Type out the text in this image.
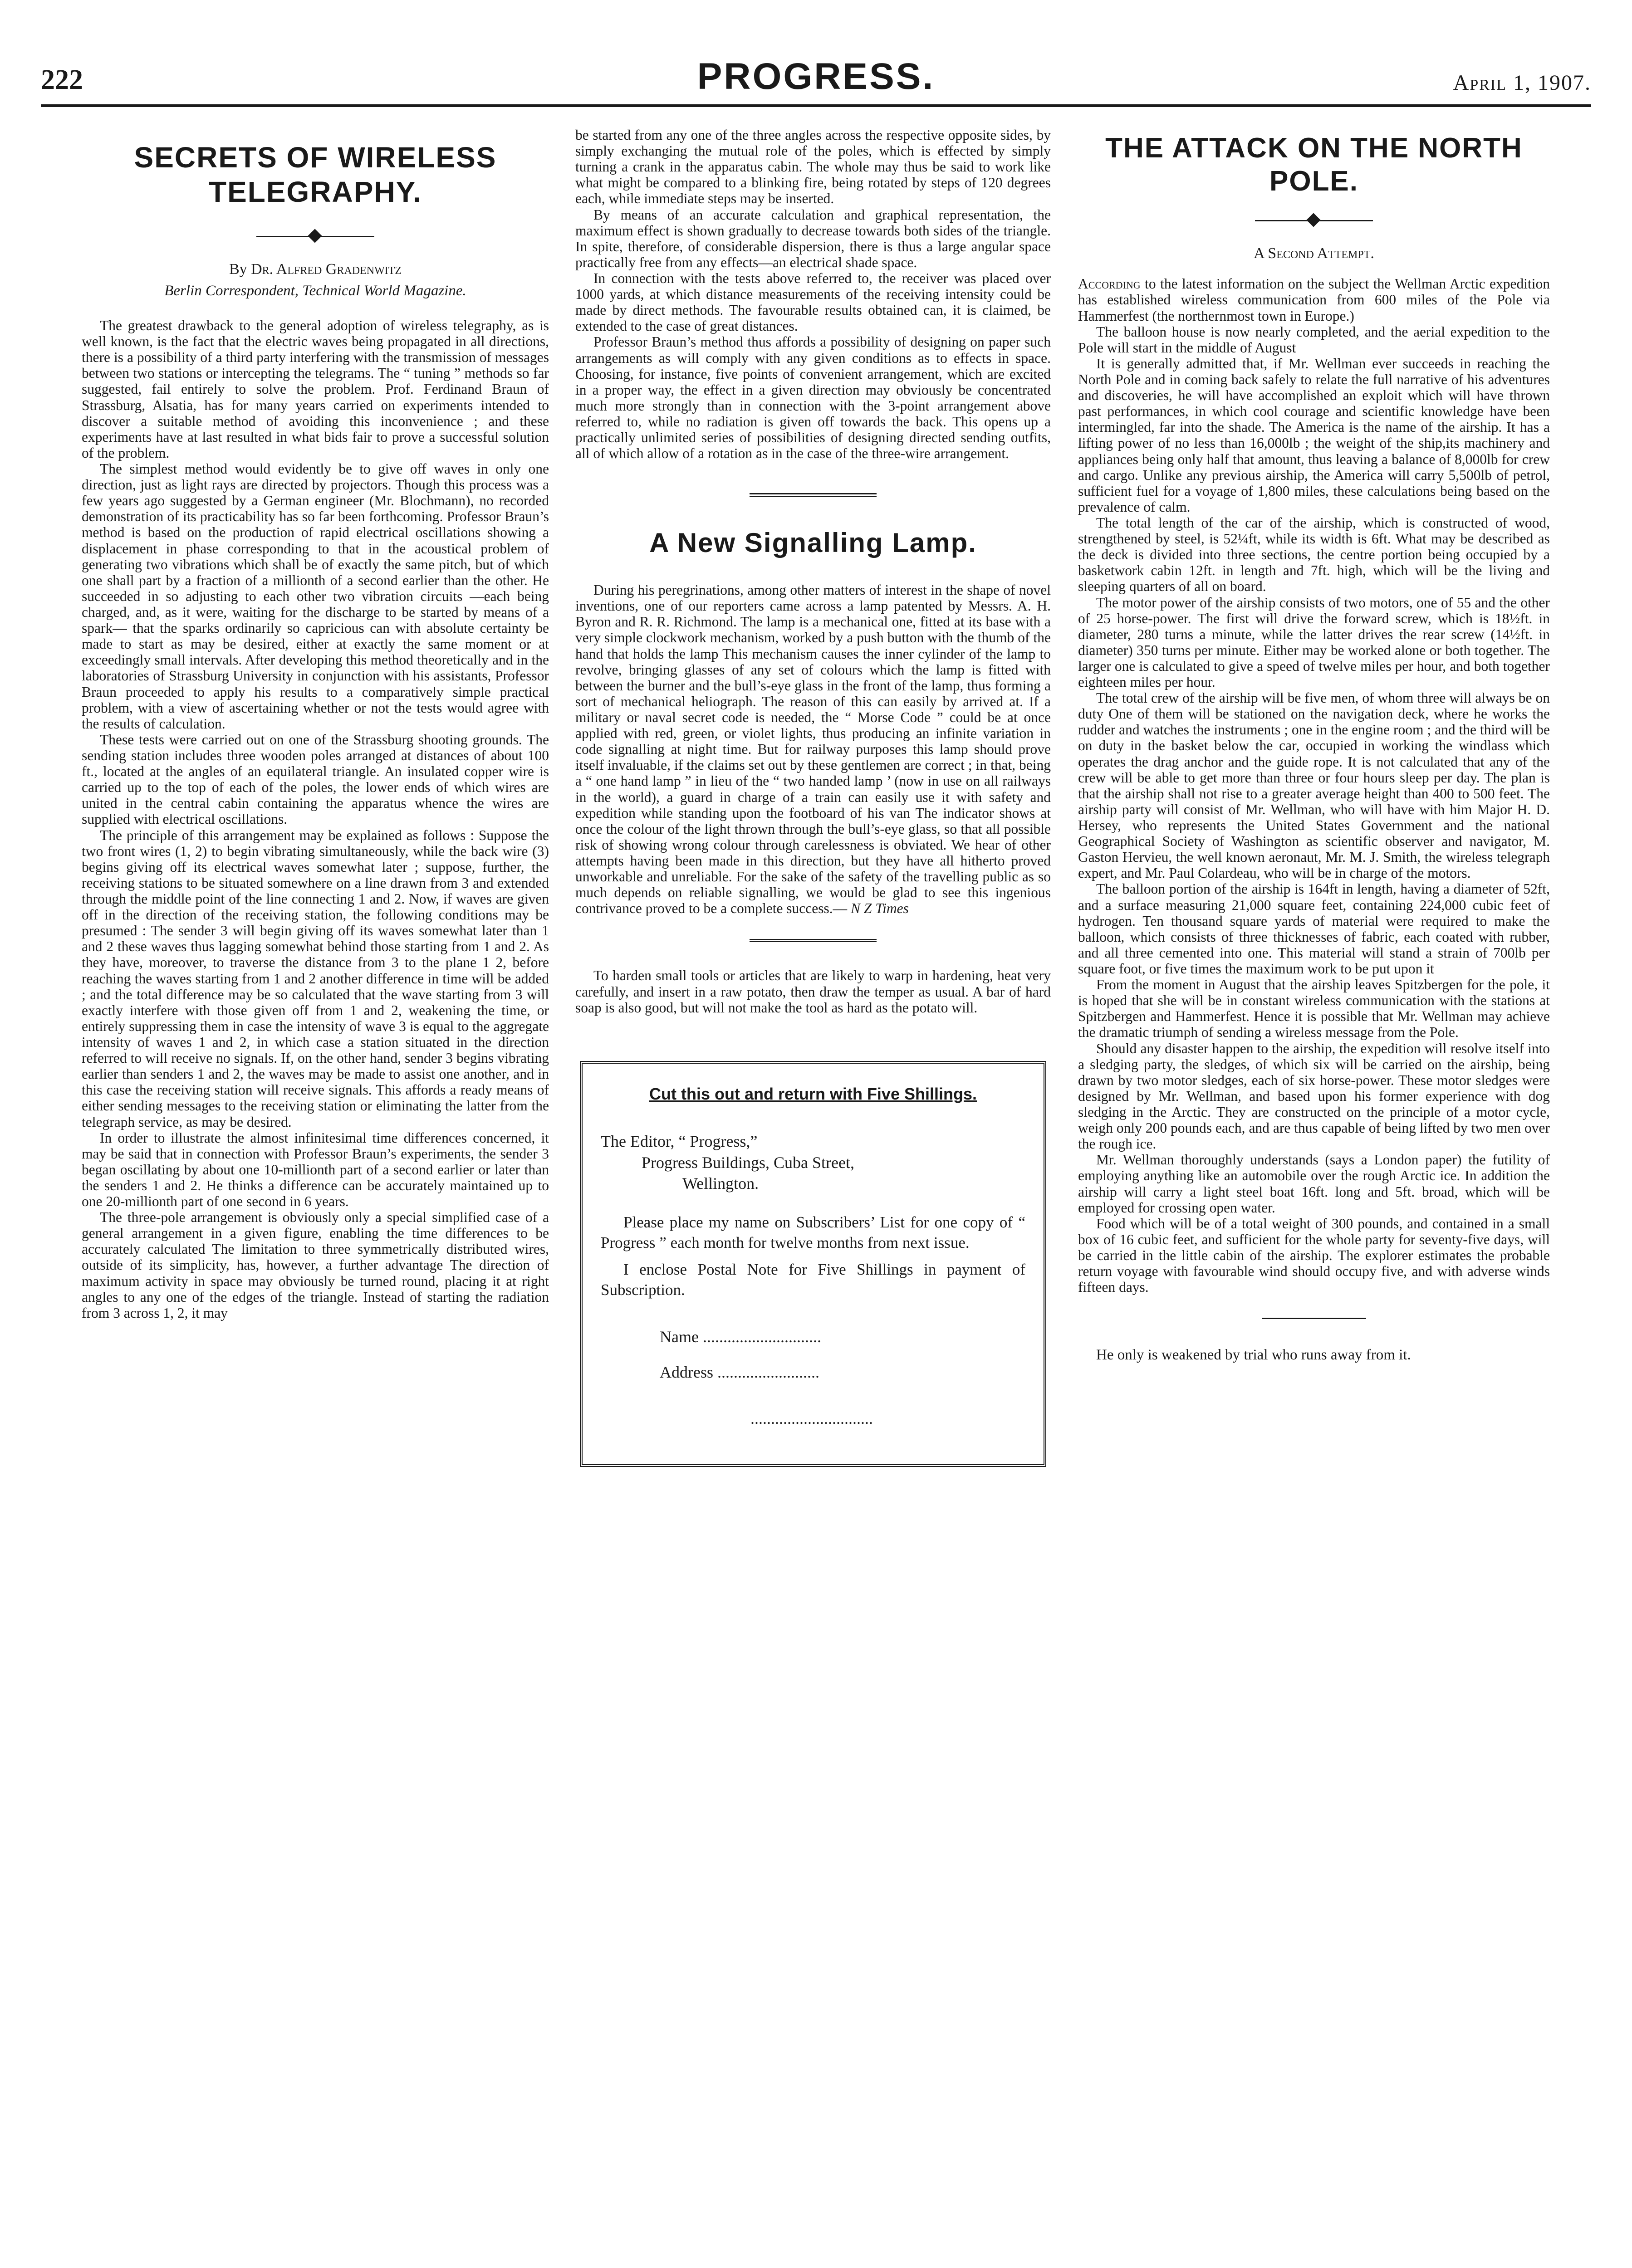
222	PROGRESS.	April 1, 1907.
SECRETS OF WIRELESS
TELEGRAPHY.
By Dr. Alfred Gradenwitz
Berlin Correspondent, Technical World Magazine.

The greatest drawback to the general adoption of wireless telegraphy, as is well known, is the fact that the electric waves being propagated in all directions, there is a possibility of a third party interfering with the transmission of messages between two stations or intercepting the telegrams. The “ tuning ” methods so far suggested, fail entirely to solve the problem. Prof. Ferdinand Braun of Strassburg, Alsatia, has for many years carried on experiments intended to discover a suitable method of avoiding this inconvenience ; and these experiments have at last resulted in what bids fair to prove a successful solution of the problem.

The simplest method would evidently be to give off waves in only one direction, just as light rays are directed by projectors. Though this process was a few years ago suggested by a German engineer (Mr. Blochmann), no recorded demonstration of its practicability has so far been forthcoming. Professor Braun’s method is based on the production of rapid electrical oscillations showing a displacement in phase corresponding to that in the acoustical problem of generating two vibrations which shall be of exactly the same pitch, but of which one shall part by a fraction of a millionth of a second earlier than the other. He succeeded in so adjusting to each other two vibration circuits —each being charged, and, as it were, waiting for the discharge to be started by means of a spark— that the sparks ordinarily so capricious can with absolute certainty be made to start as may be desired, either at exactly the same moment or at exceedingly small intervals. After developing this method theoretically and in the laboratories of Strassburg University in conjunction with his assistants, Professor Braun proceeded to apply his results to a comparatively simple practical problem, with a view of ascertaining whether or not the tests would agree with the results of calculation.

These tests were carried out on one of the Strassburg shooting grounds. The sending station includes three wooden poles arranged at distances of about 100 ft., located at the angles of an equilateral triangle. An insulated copper wire is carried up to the top of each of the poles, the lower ends of which wires are united in the central cabin containing the apparatus whence the wires are supplied with electrical oscillations.

The principle of this arrangement may be explained as follows : Suppose the two front wires (1, 2) to begin vibrating simultaneously, while the back wire (3) begins giving off its electrical waves somewhat later ; suppose, further, the receiving stations to be situated somewhere on a line drawn from 3 and extended through the middle point of the line connecting 1 and 2. Now, if waves are given off in the direction of the receiving station, the following conditions may be presumed : The sender 3 will begin giving off its waves somewhat later than 1 and 2 these waves thus lagging somewhat behind those starting from 1 and 2. As they have, moreover, to traverse the distance from 3 to the plane 1 2, before reaching the waves starting from 1 and 2 another difference in time will be added ; and the total difference may be so calculated that the wave starting from 3 will exactly interfere with those given off from 1 and 2, weakening the time, or entirely suppressing them in case the intensity of wave 3 is equal to the aggregate intensity of waves 1 and 2, in which case a station situated in the direction referred to will receive no signals. If, on the other hand, sender 3 begins vibrating earlier than senders 1 and 2, the waves may be made to assist one another, and in this case the receiving station will receive signals. This affords a ready means of either sending messages to the receiving station or eliminating the latter from the telegraph service, as may be desired.

In order to illustrate the almost infinitesimal time differences concerned, it may be said that in connection with Professor Braun’s experiments, the sender 3 began oscillating by about one 10-millionth part of a second earlier or later than the senders 1 and 2. He thinks a difference can be accurately maintained up to one 20-millionth part of one second in 6 years.

The three-pole arrangement is obviously only a special simplified case of a general arrangement in a given figure, enabling the time differences to be accurately calculated The limitation to three symmetrically distributed wires, outside of its simplicity, has, however, a further advantage The direction of maximum activity in space may obviously be turned round, placing it at right angles to any one of the edges of the triangle. Instead of starting the radiation from 3 across 1, 2, it may

be started from any one of the three angles across the respective opposite sides, by simply exchanging the mutual role of the poles, which is effected by simply turning a crank in the apparatus cabin. The whole may thus be said to work like what might be compared to a blinking fire, being rotated by steps of 120 degrees each, while immediate steps may be inserted.

By means of an accurate calculation and graphical representation, the maximum effect is shown gradually to decrease towards both sides of the triangle. In spite, therefore, of considerable dispersion, there is thus a large angular space practically free from any effects—an electrical shade space.

In connection with the tests above referred to, the receiver was placed over 1000 yards, at which distance measurements of the receiving intensity could be made by direct methods. The favourable results obtained can, it is claimed, be extended to the case of great distances.

Professor Braun’s method thus affords a possibility of designing on paper such arrangements as will comply with any given conditions as to effects in space. Choosing, for instance, five points of convenient arrangement, which are excited in a proper way, the effect in a given direction may obviously be concentrated much more strongly than in connection with the 3-point arrangement above referred to, while no radiation is given off towards the back. This opens up a practically unlimited series of possibilities of designing directed sending outfits, all of which allow of a rotation as in the case of the three-wire arrangement.

A New Signalling Lamp.

During his peregrinations, among other matters of interest in the shape of novel inventions, one of our reporters came across a lamp patented by Messrs. A. H. Byron and R. R. Richmond. The lamp is a mechanical one, fitted at its base with a very simple clockwork mechanism, worked by a push button with the thumb of the hand that holds the lamp This mechanism causes the inner cylinder of the lamp to revolve, bringing glasses of any set of colours which the lamp is fitted with between the burner and the bull’s-eye glass in the front of the lamp, thus forming a sort of mechanical heliograph. The reason of this can easily by arrived at. If a military or naval secret code is needed, the “ Morse Code ” could be at once applied with red, green, or violet lights, thus producing an infinite variation in code signalling at night time. But for railway purposes this lamp should prove itself invaluable, if the claims set out by these gentlemen are correct ; in that, being a “ one hand lamp ” in lieu of the “ two handed lamp ’ (now in use on all railways in the world), a guard in charge of a train can easily use it with safety and expedition while standing upon the footboard of his van The indicator shows at once the colour of the light thrown through the bull’s-eye glass, so that all possible risk of showing wrong colour through carelessness is obviated. We hear of other attempts having been made in this direction, but they have all hitherto proved unworkable and unreliable. For the sake of the safety of the travelling public as so much depends on reliable signalling, we would be glad to see this ingenious contrivance proved to be a complete success.— N Z Times

To harden small tools or articles that are likely to warp in hardening, heat very carefully, and insert in a raw potato, then draw the temper as usual. A bar of hard soap is also good, but will not make the tool as hard as the potato will.

Cut this out and return with Five Shillings.
The Editor, “ Progress,”
Progress Buildings, Cuba Street,
Wellington.
Please place my name on Subscribers’ List for one copy of “ Progress ” each month for twelve months from next issue.
I enclose Postal Note for Five Shillings in payment of Subscription.
Name .............................
Address .........................
..............................
THE ATTACK ON THE NORTH POLE.
A Second Attempt.

According to the latest information on the subject the Wellman Arctic expedition has established wireless communication from 600 miles of the Pole via Hammerfest (the northernmost town in Europe.)

The balloon house is now nearly completed, and the aerial expedition to the Pole will start in the middle of August

It is generally admitted that, if Mr. Wellman ever succeeds in reaching the North Pole and in coming back safely to relate the full narrative of his adventures and discoveries, he will have accomplished an exploit which will have thrown past performances, in which cool courage and scientific knowledge have been intermingled, far into the shade. The America is the name of the airship. It has a lifting power of no less than 16,000lb ; the weight of the ship,its machinery and appliances being only half that amount, thus leaving a balance of 8,000lb for crew and cargo. Unlike any previous airship, the America will carry 5,500lb of petrol, sufficient fuel for a voyage of 1,800 miles, these calculations being based on the prevalence of calm.

The total length of the car of the airship, which is constructed of wood, strengthened by steel, is 52¼ft, while its width is 6ft. What may be described as the deck is divided into three sections, the centre portion being occupied by a basketwork cabin 12ft. in length and 7ft. high, which will be the living and sleeping quarters of all on board.

The motor power of the airship consists of two motors, one of 55 and the other of 25 horse-power. The first will drive the forward screw, which is 18½ft. in diameter, 280 turns a minute, while the latter drives the rear screw (14½ft. in diameter) 350 turns per minute. Either may be worked alone or both together. The larger one is calculated to give a speed of twelve miles per hour, and both together eighteen miles per hour.

The total crew of the airship will be five men, of whom three will always be on duty One of them will be stationed on the navigation deck, where he works the rudder and watches the instruments ; one in the engine room ; and the third will be on duty in the basket below the car, occupied in working the windlass which operates the drag anchor and the guide rope. It is not calculated that any of the crew will be able to get more than three or four hours sleep per day. The plan is that the airship shall not rise to a greater average height than 400 to 500 feet. The airship party will consist of Mr. Wellman, who will have with him Major H. D. Hersey, who represents the United States Government and the national Geographical Society of Washington as scientific observer and navigator, M. Gaston Hervieu, the well known aeronaut, Mr. M. J. Smith, the wireless telegraph expert, and Mr. Paul Colardeau, who will be in charge of the motors.

The balloon portion of the airship is 164ft in length, having a diameter of 52ft, and a surface measuring 21,000 square feet, containing 224,000 cubic feet of hydrogen. Ten thousand square yards of material were required to make the balloon, which consists of three thicknesses of fabric, each coated with rubber, and all three cemented into one. This material will stand a strain of 700lb per square foot, or five times the maximum work to be put upon it

From the moment in August that the airship leaves Spitzbergen for the pole, it is hoped that she will be in constant wireless communication with the stations at Spitzbergen and Hammerfest. Hence it is possible that Mr. Wellman may achieve the dramatic triumph of sending a wireless message from the Pole.

Should any disaster happen to the airship, the expedition will resolve itself into a sledging party, the sledges, of which six will be carried on the airship, being drawn by two motor sledges, each of six horse-power. These motor sledges were designed by Mr. Wellman, and based upon his former experience with dog sledging in the Arctic. They are constructed on the principle of a motor cycle, weigh only 200 pounds each, and are thus capable of being lifted by two men over the rough ice.

Mr. Wellman thoroughly understands (says a London paper) the futility of employing anything like an automobile over the rough Arctic ice. In addition the airship will carry a light steel boat 16ft. long and 5ft. broad, which will be employed for crossing open water.

Food which will be of a total weight of 300 pounds, and contained in a small box of 16 cubic feet, and sufficient for the whole party for seventy-five days, will be carried in the little cabin of the airship. The explorer estimates the probable return voyage with favourable wind should occupy five, and with adverse winds fifteen days.

He only is weakened by trial who runs away from it.
